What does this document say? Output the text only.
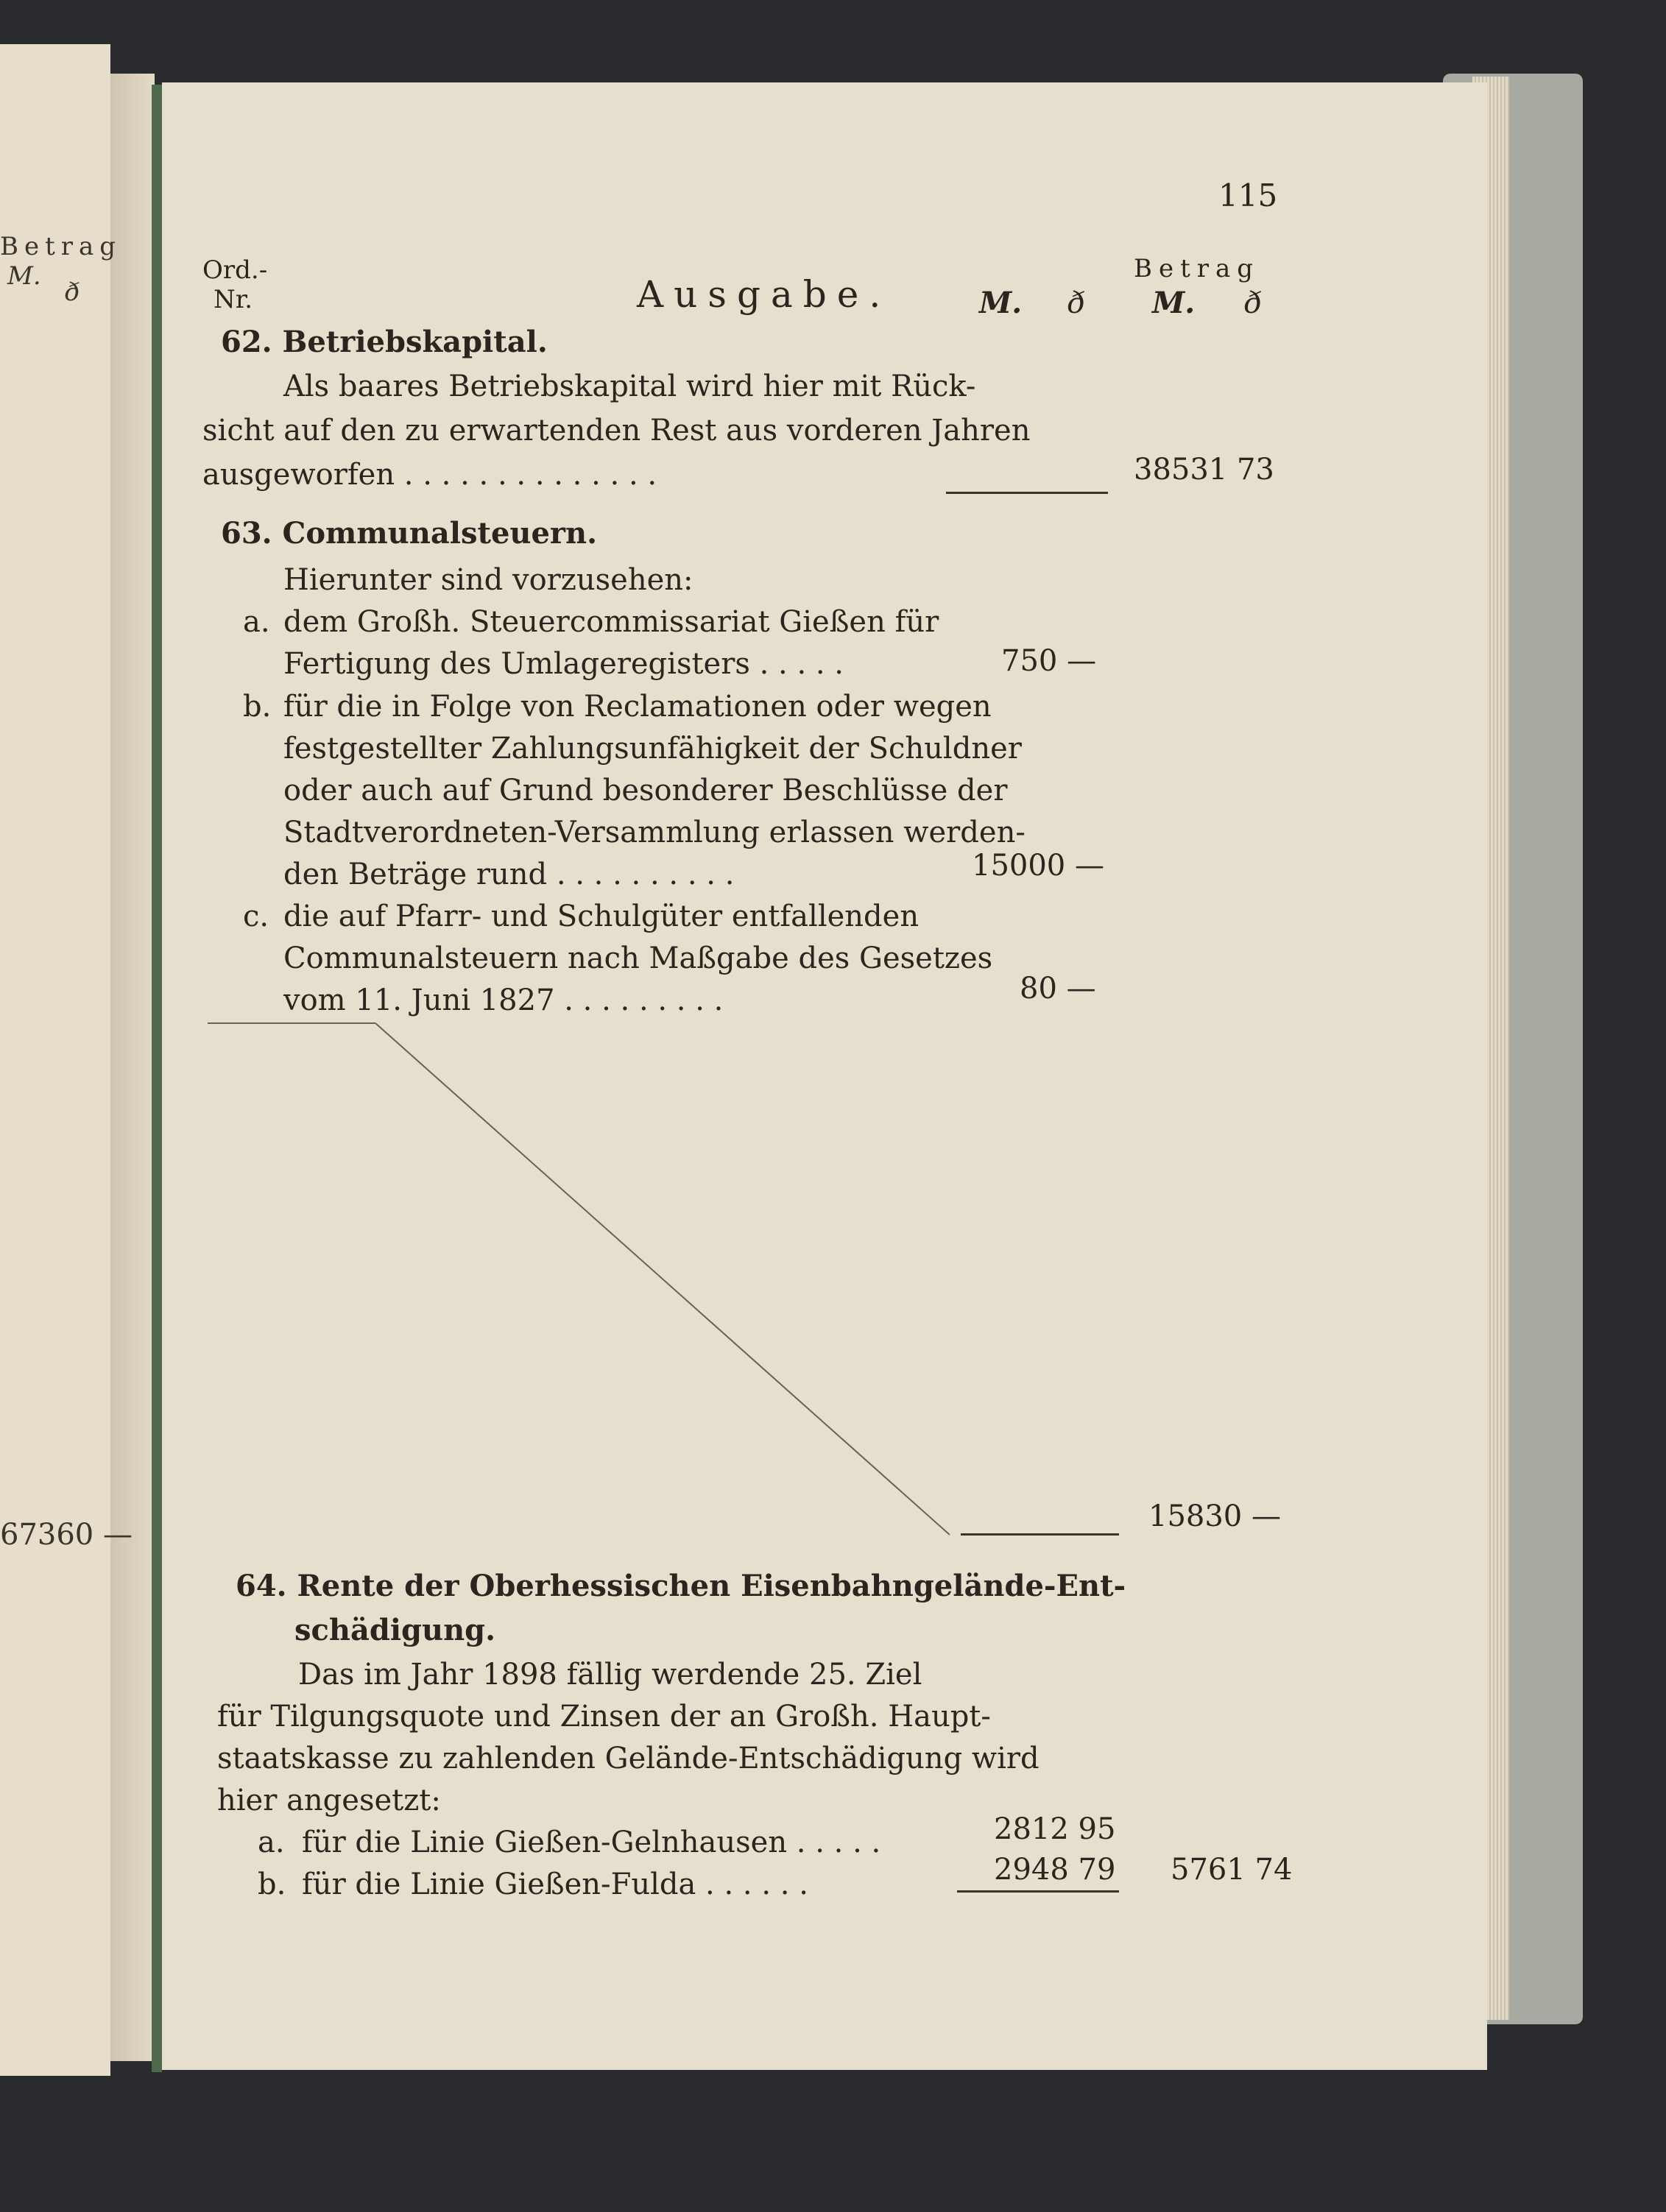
Betrag
M.
ð
67360 —
115
Ord.-
Nr.	Ausgabe.
Betrag
M. ð M. ð
62. Betriebskapital.
Als baares Betriebskapital wird hier mit Rück-
sicht auf den zu erwartenden Rest aus vorderen Jahren
ausgeworfen . . . . . . . . . . . . . .	38531 73
63. Communalsteuern.
Hierunter sind vorzusehen:
a. dem Großh. Steuercommissariat Gießen für
Fertigung des Umlageregisters . . . . .	750 —
b. für die in Folge von Reclamationen oder wegen
festgestellter Zahlungsunfähigkeit der Schuldner
oder auch auf Grund besonderer Beschlüsse der
Stadtverordneten-Versammlung erlassen werden-
den Beträge rund . . . . . . . . . .	15000 —
c. die auf Pfarr- und Schulgüter entfallenden
Communalsteuern nach Maßgabe des Gesetzes
vom 11. Juni 1827 . . . . . . . . .	80 —
15830 —
64. Rente der Oberhessischen Eisenbahngelände-Ent-
schädigung.
Das im Jahr 1898 fällig werdende 25. Ziel
für Tilgungsquote und Zinsen der an Großh. Haupt-
staatskasse zu zahlenden Gelände-Entschädigung wird
hier angesetzt:
a. für die Linie Gießen-Gelnhausen . . . . .	2812 95
b. für die Linie Gießen-Fulda . . . . . .	2948 79 5761 74
